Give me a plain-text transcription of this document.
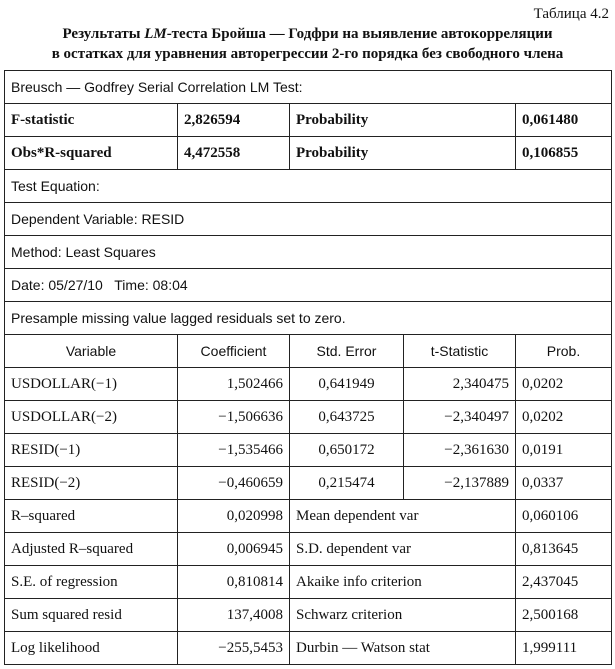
Таблица 4.2
Результаты LM-теста Бройша — Годфри на выявление автокорреляции
в остатках для уравнения авторегрессии 2-го порядка без свободного члена
Breusch — Godfrey Serial Correlation LM Test:				
F-statistic	2,826594	Probability		0,061480
Obs*R-squared	4,472558	Probability		0,106855
Test Equation:				
Dependent Variable: RESID				
Method: Least Squares				
Date: 05/27/10   Time: 08:04				
Presample missing value lagged residuals set to zero.				
Variable	Coefficient	Std. Error	t-Statistic	Prob.
USDOLLAR(−1)	1,502466	0,641949	2,340475	0,0202
USDOLLAR(−2)	−1,506636	0,643725	−2,340497	0,0202
RESID(−1)	−1,535466	0,650172	−2,361630	0,0191
RESID(−2)	−0,460659	0,215474	−2,137889	0,0337
R–squared	0,020998	Mean dependent var		0,060106
Adjusted R–squared	0,006945	S.D. dependent var		0,813645
S.E. of regression	0,810814	Akaike info criterion		2,437045
Sum squared resid	137,4008	Schwarz criterion		2,500168
Log likelihood	−255,5453	Durbin — Watson stat		1,999111
